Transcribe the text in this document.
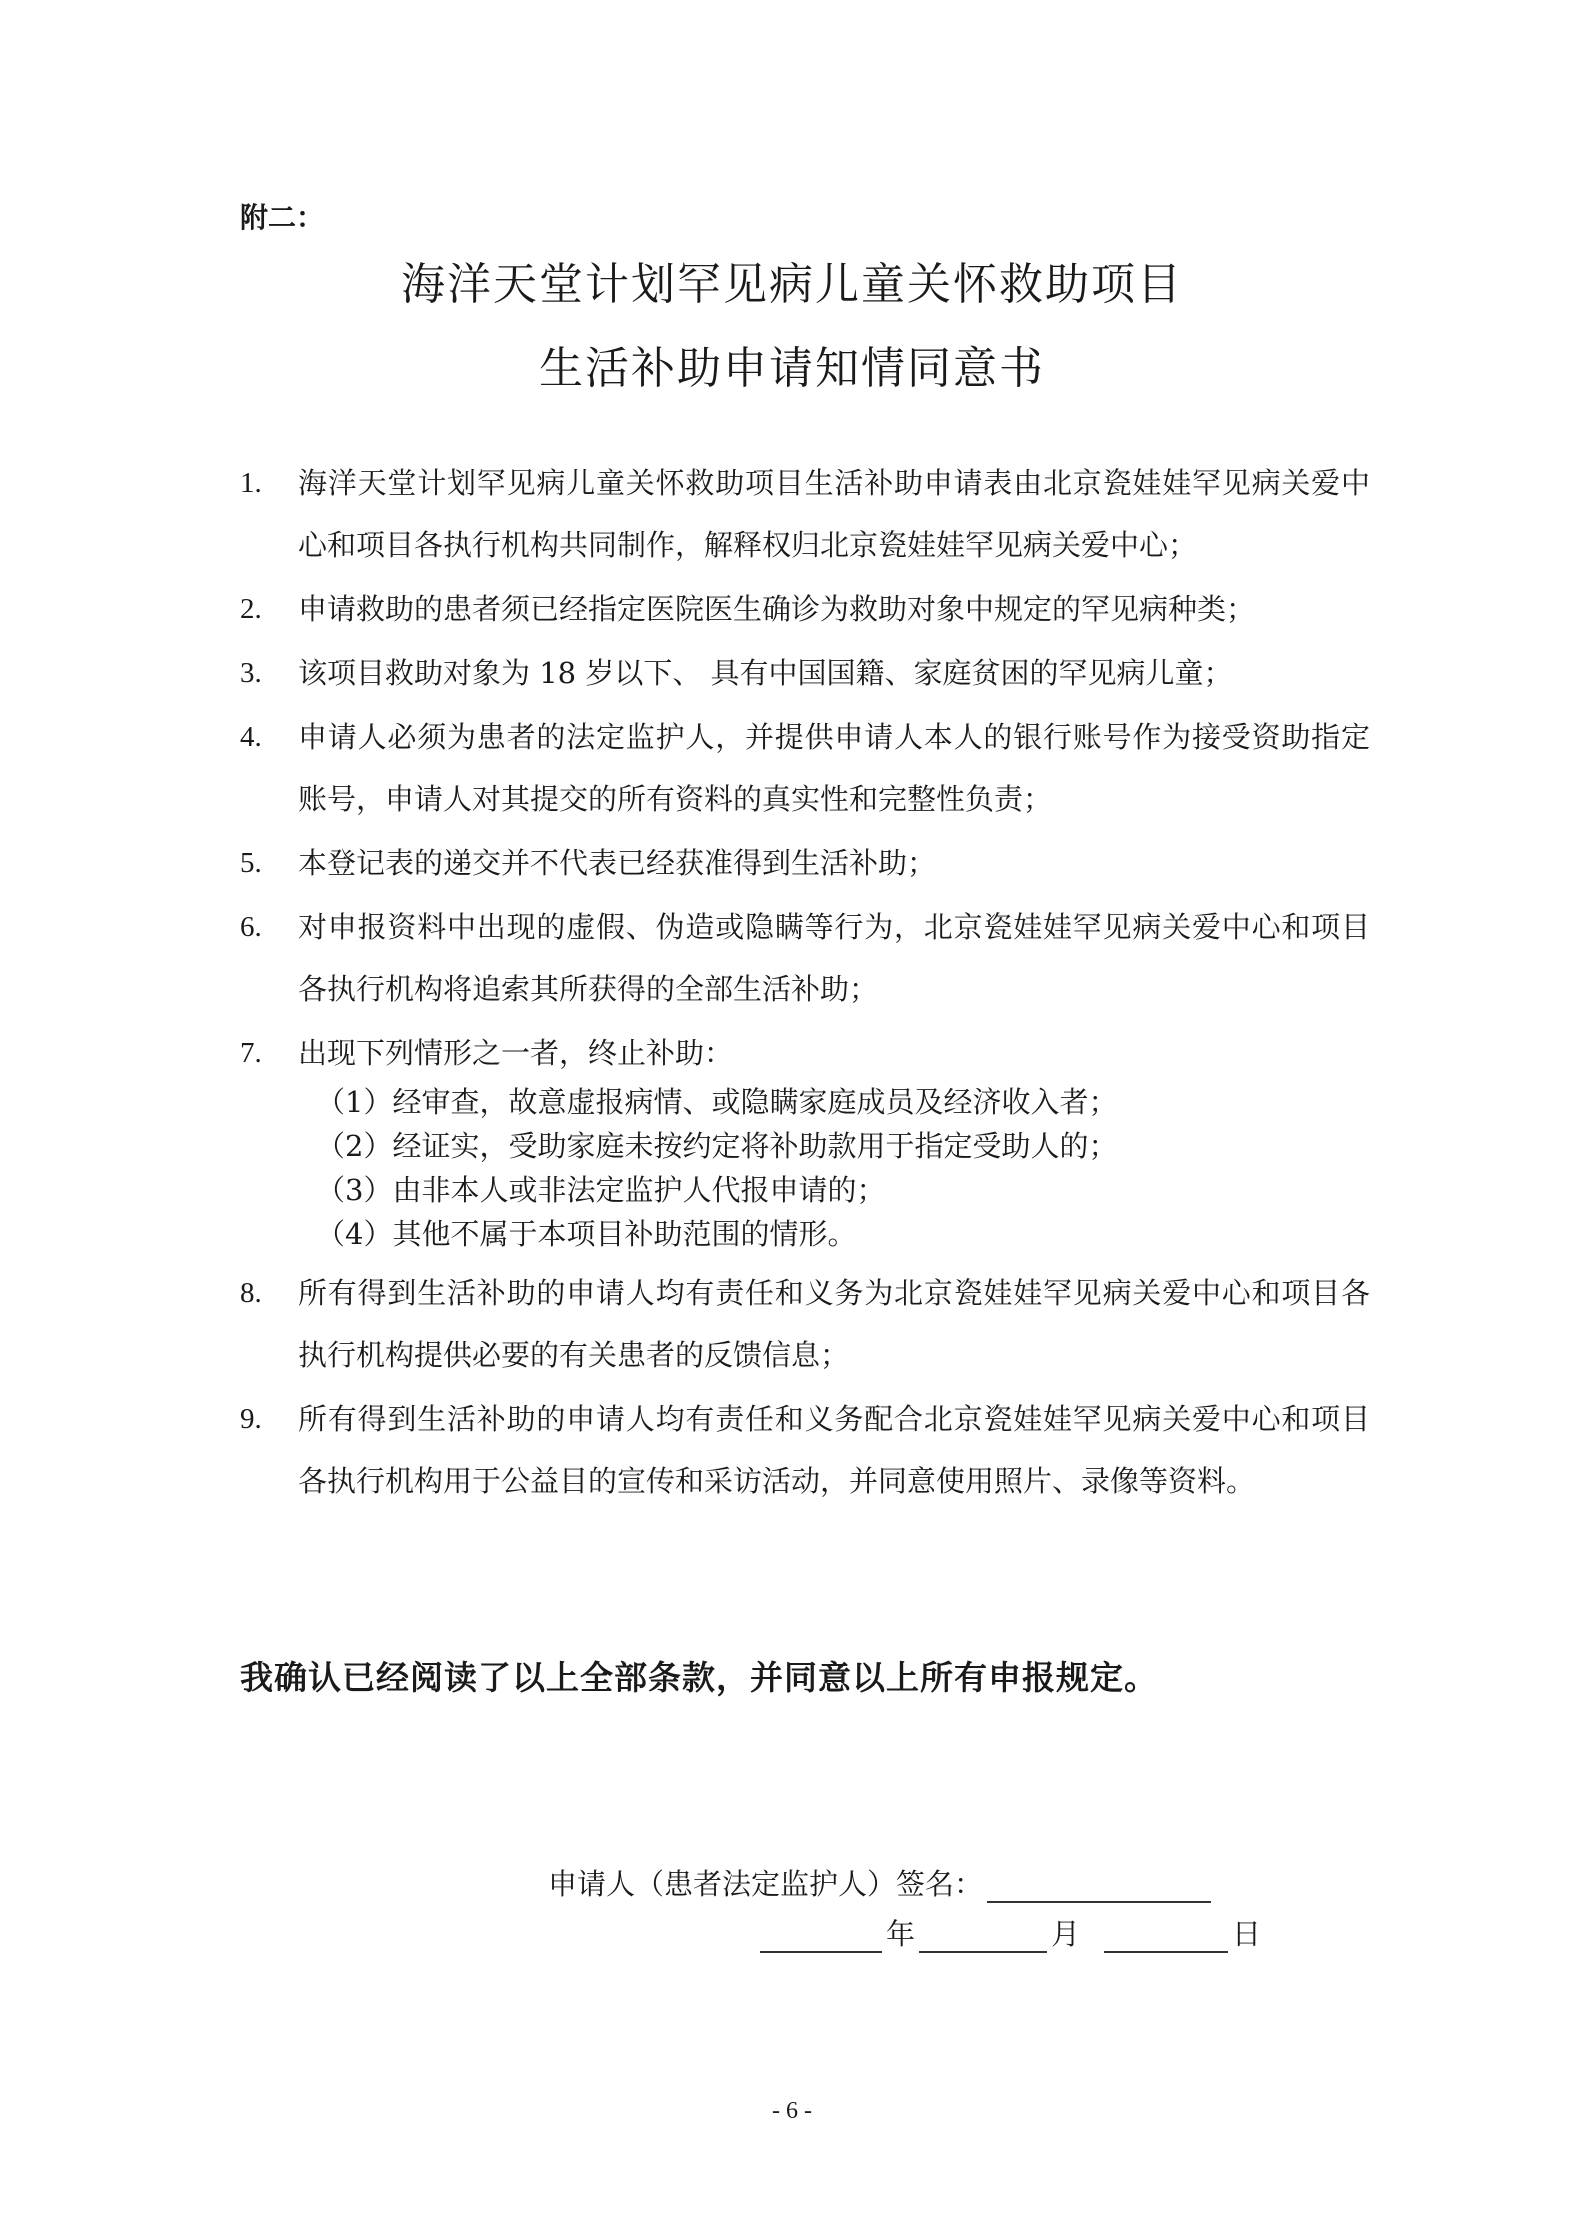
附二：
海洋天堂计划罕见病儿童关怀救助项目
生活补助申请知情同意书
1. 海洋天堂计划罕见病儿童关怀救助项目生活补助申请表由北京瓷娃娃罕见病关爱中心和项目各执行机构共同制作，解释权归北京瓷娃娃罕见病关爱中心；
2. 申请救助的患者须已经指定医院医生确诊为救助对象中规定的罕见病种类；
3. 该项目救助对象为 18 岁以下、 具有中国国籍、家庭贫困的罕见病儿童；
4. 申请人必须为患者的法定监护人，并提供申请人本人的银行账号作为接受资助指定账号，申请人对其提交的所有资料的真实性和完整性负责；
5. 本登记表的递交并不代表已经获准得到生活补助；
6. 对申报资料中出现的虚假、伪造或隐瞒等行为，北京瓷娃娃罕见病关爱中心和项目各执行机构将追索其所获得的全部生活补助；
7. 出现下列情形之一者，终止补助：
（1）经审查，故意虚报病情、或隐瞒家庭成员及经济收入者；
（2）经证实，受助家庭未按约定将补助款用于指定受助人的；
（3）由非本人或非法定监护人代报申请的；
（4）其他不属于本项目补助范围的情形。
8. 所有得到生活补助的申请人均有责任和义务为北京瓷娃娃罕见病关爱中心和项目各执行机构提供必要的有关患者的反馈信息；
9. 所有得到生活补助的申请人均有责任和义务配合北京瓷娃娃罕见病关爱中心和项目各执行机构用于公益目的宣传和采访活动，并同意使用照片、录像等资料。
我确认已经阅读了以上全部条款，并同意以上所有申报规定。
申请人（患者法定监护人）签名：
年	月	日
- 6 -
